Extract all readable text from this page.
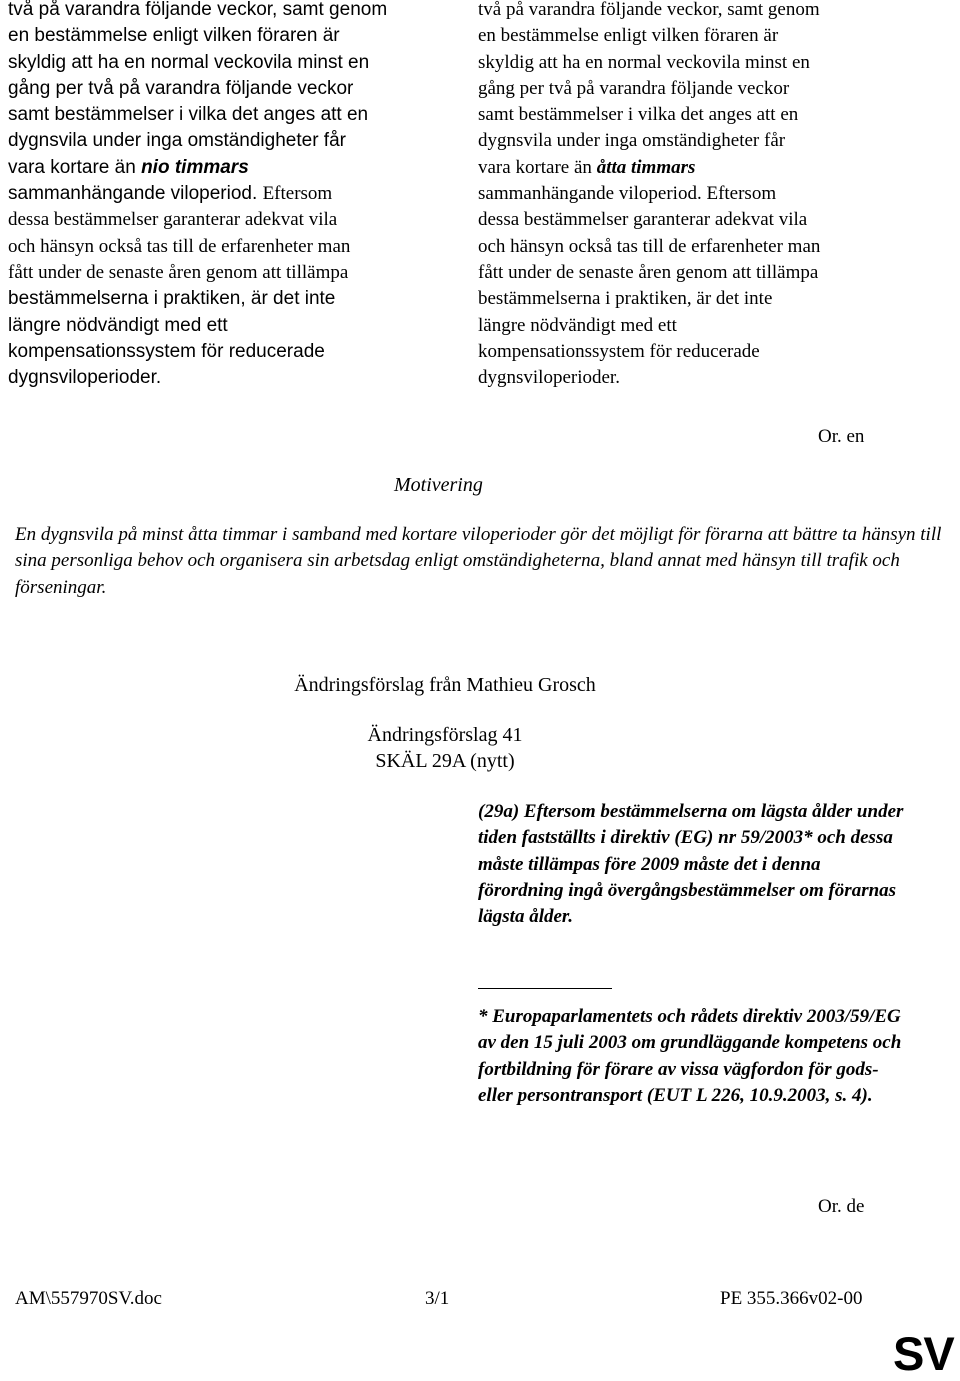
två på varandra följande veckor, samt genom
en bestämmelse enligt vilken föraren är
skyldig att ha en normal veckovila minst en
gång per två på varandra följande veckor
samt bestämmelser i vilka det anges att en
dygnsvila under inga omständigheter får
vara kortare än nio timmars
sammanhängande viloperiod. Eftersom
dessa bestämmelser garanterar adekvat vila
och hänsyn också tas till de erfarenheter man
fått under de senaste åren genom att tillämpa
bestämmelserna i praktiken, är det inte
längre nödvändigt med ett
kompensationssystem för reducerade
dygnsviloperioder.
två på varandra följande veckor, samt genom
en bestämmelse enligt vilken föraren är
skyldig att ha en normal veckovila minst en
gång per två på varandra följande veckor
samt bestämmelser i vilka det anges att en
dygnsvila under inga omständigheter får
vara kortare än åtta timmars
sammanhängande viloperiod. Eftersom
dessa bestämmelser garanterar adekvat vila
och hänsyn också tas till de erfarenheter man
fått under de senaste åren genom att tillämpa
bestämmelserna i praktiken, är det inte
längre nödvändigt med ett
kompensationssystem för reducerade
dygnsviloperioder.
Or. en
Motivering
En dygnsvila på minst åtta timmar i samband med kortare viloperioder gör det möjligt för förarna att bättre ta hänsyn till sina personliga behov och organisera sin arbetsdag enligt omständigheterna, bland annat med hänsyn till trafik och förseningar.
Ändringsförslag från Mathieu Grosch
Ändringsförslag 41
SKÄL 29A (nytt)
(29a) Eftersom bestämmelserna om lägsta ålder under tiden fastställts i direktiv (EG) nr 59/2003* och dessa måste tillämpas före 2009 måste det i denna förordning ingå övergångsbestämmelser om förarnas lägsta ålder.
* Europaparlamentets och rådets direktiv 2003/59/EG av den 15 juli 2003 om grundläggande kompetens och fortbildning för förare av vissa vägfordon för gods- eller persontransport (EUT L 226, 10.9.2003, s. 4).
Or. de
AM\557970SV.doc	3/1	PE 355.366v02-00
SV
